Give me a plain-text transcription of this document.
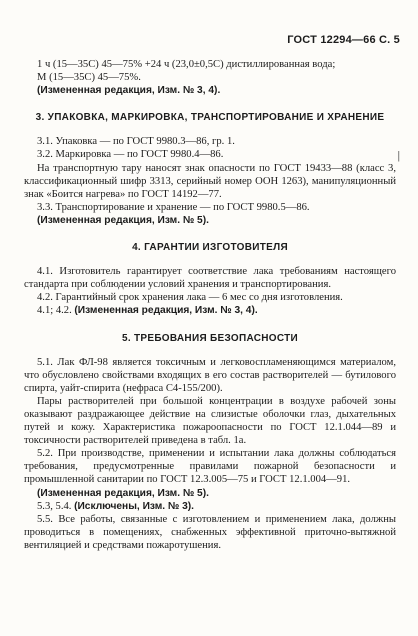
ГОСТ 12294—66 С. 5
|

1 ч (15—35С) 45—75% +24 ч (23,0±0,5С) дистиллированная вода;

М (15—35С) 45—75%.

(Измененная редакция, Изм. № 3, 4).

3. УПАКОВКА, МАРКИРОВКА, ТРАНСПОРТИРОВАНИЕ И ХРАНЕНИЕ

3.1. Упаковка — по ГОСТ 9980.3—86, гр. 1.

3.2. Маркировка — по ГОСТ 9980.4—86.

На транспортную тару наносят знак опасности по ГОСТ 19433—88 (класс 3, классификационный шифр 3313, серийный номер ООН 1263), манипуляционный знак «Боится нагрева» по ГОСТ 14192—77.

3.3. Транспортирование и хранение — по ГОСТ 9980.5—86.

(Измененная редакция, Изм. № 5).

4. ГАРАНТИИ ИЗГОТОВИТЕЛЯ

4.1. Изготовитель гарантирует соответствие лака требованиям настоящего стандарта при соблюдении условий хранения и транспортирования.

4.2. Гарантийный срок хранения лака — 6 мес со дня изготовления.

4.1; 4.2. (Измененная редакция, Изм. № 3, 4).

5. ТРЕБОВАНИЯ БЕЗОПАСНОСТИ

5.1. Лак ФЛ-98 является токсичным и легковоспламеняющимся материалом, что обусловлено свойствами входящих в его состав растворителей — бутилового спирта, уайт-спирита (нефраса С4-155/200).

Пары растворителей при большой концентрации в воздухе рабочей зоны оказывают раздражающее действие на слизистые оболочки глаз, дыхательных путей и кожу. Характеристика пожароопасности по ГОСТ 12.1.044—89 и токсичности растворителей приведена в табл. 1а.

5.2. При производстве, применении и испытании лака должны соблюдаться требования, предусмотренные правилами пожарной безопасности и промышленной санитарии по ГОСТ 12.3.005—75 и ГОСТ 12.1.004—91.

(Измененная редакция, Изм. № 5).

5.3, 5.4. (Исключены, Изм. № 3).

5.5. Все работы, связанные с изготовлением и применением лака, должны проводиться в помещениях, снабженных эффективной приточно-вытяжной вентиляцией и средствами пожаротушения.
